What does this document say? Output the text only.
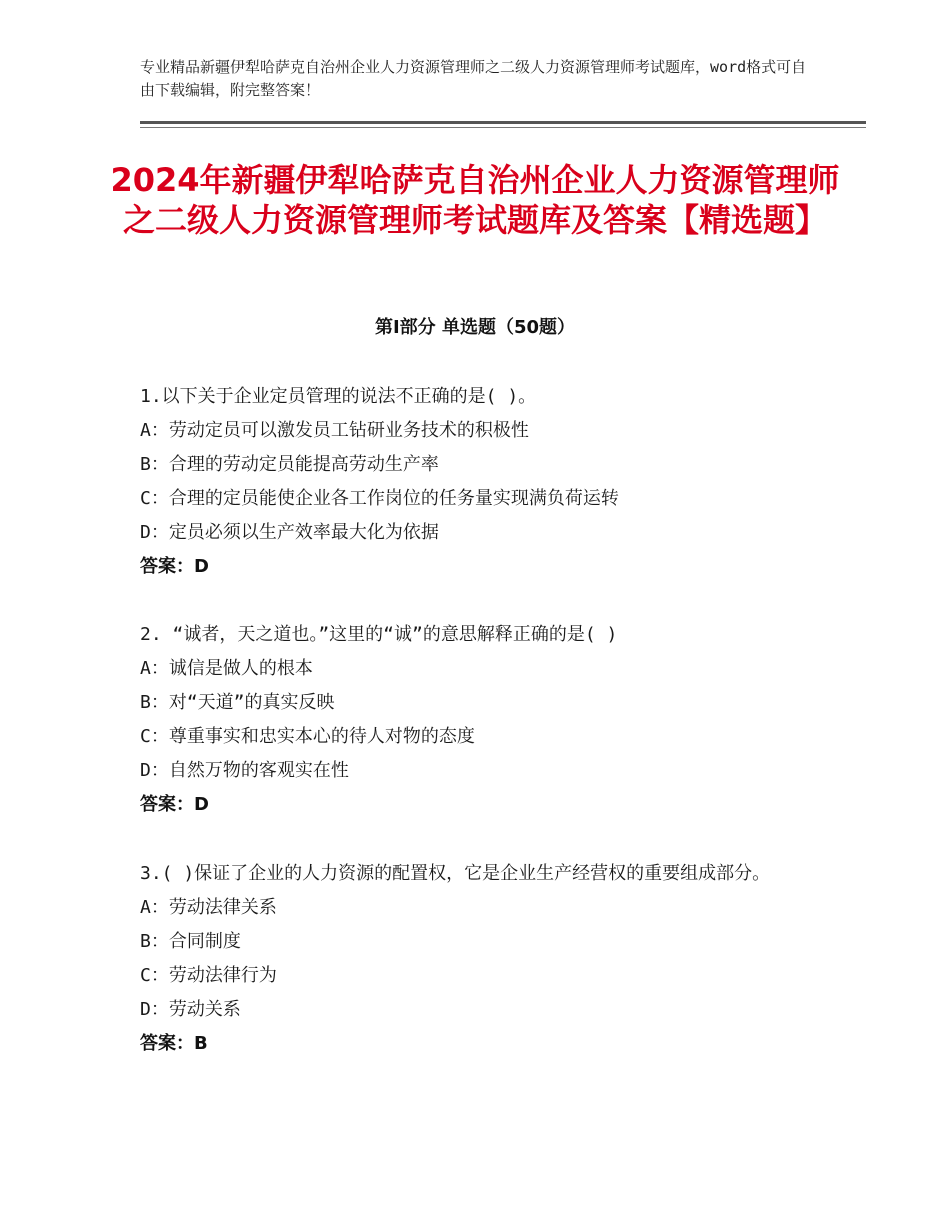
专业精品新疆伊犁哈萨克自治州企业人力资源管理师之二级人力资源管理师考试题库，word格式可自由下载编辑，附完整答案！
2024年新疆伊犁哈萨克自治州企业人力资源管理师之二级人力资源管理师考试题库及答案【精选题】
第Ⅰ部分 单选题（50题）
1.以下关于企业定员管理的说法不正确的是( )。
A：劳动定员可以激发员工钻研业务技术的积极性
B：合理的劳动定员能提高劳动生产率
C：合理的定员能使企业各工作岗位的任务量实现满负荷运转
D：定员必须以生产效率最大化为依据
答案：D
2. “诚者，天之道也。”这里的“诚”的意思解释正确的是( )
A：诚信是做人的根本
B：对“天道”的真实反映
C：尊重事实和忠实本心的待人对物的态度
D：自然万物的客观实在性
答案：D
3.( )保证了企业的人力资源的配置权，它是企业生产经营权的重要组成部分。
A：劳动法律关系
B：合同制度
C：劳动法律行为
D：劳动关系
答案：B
